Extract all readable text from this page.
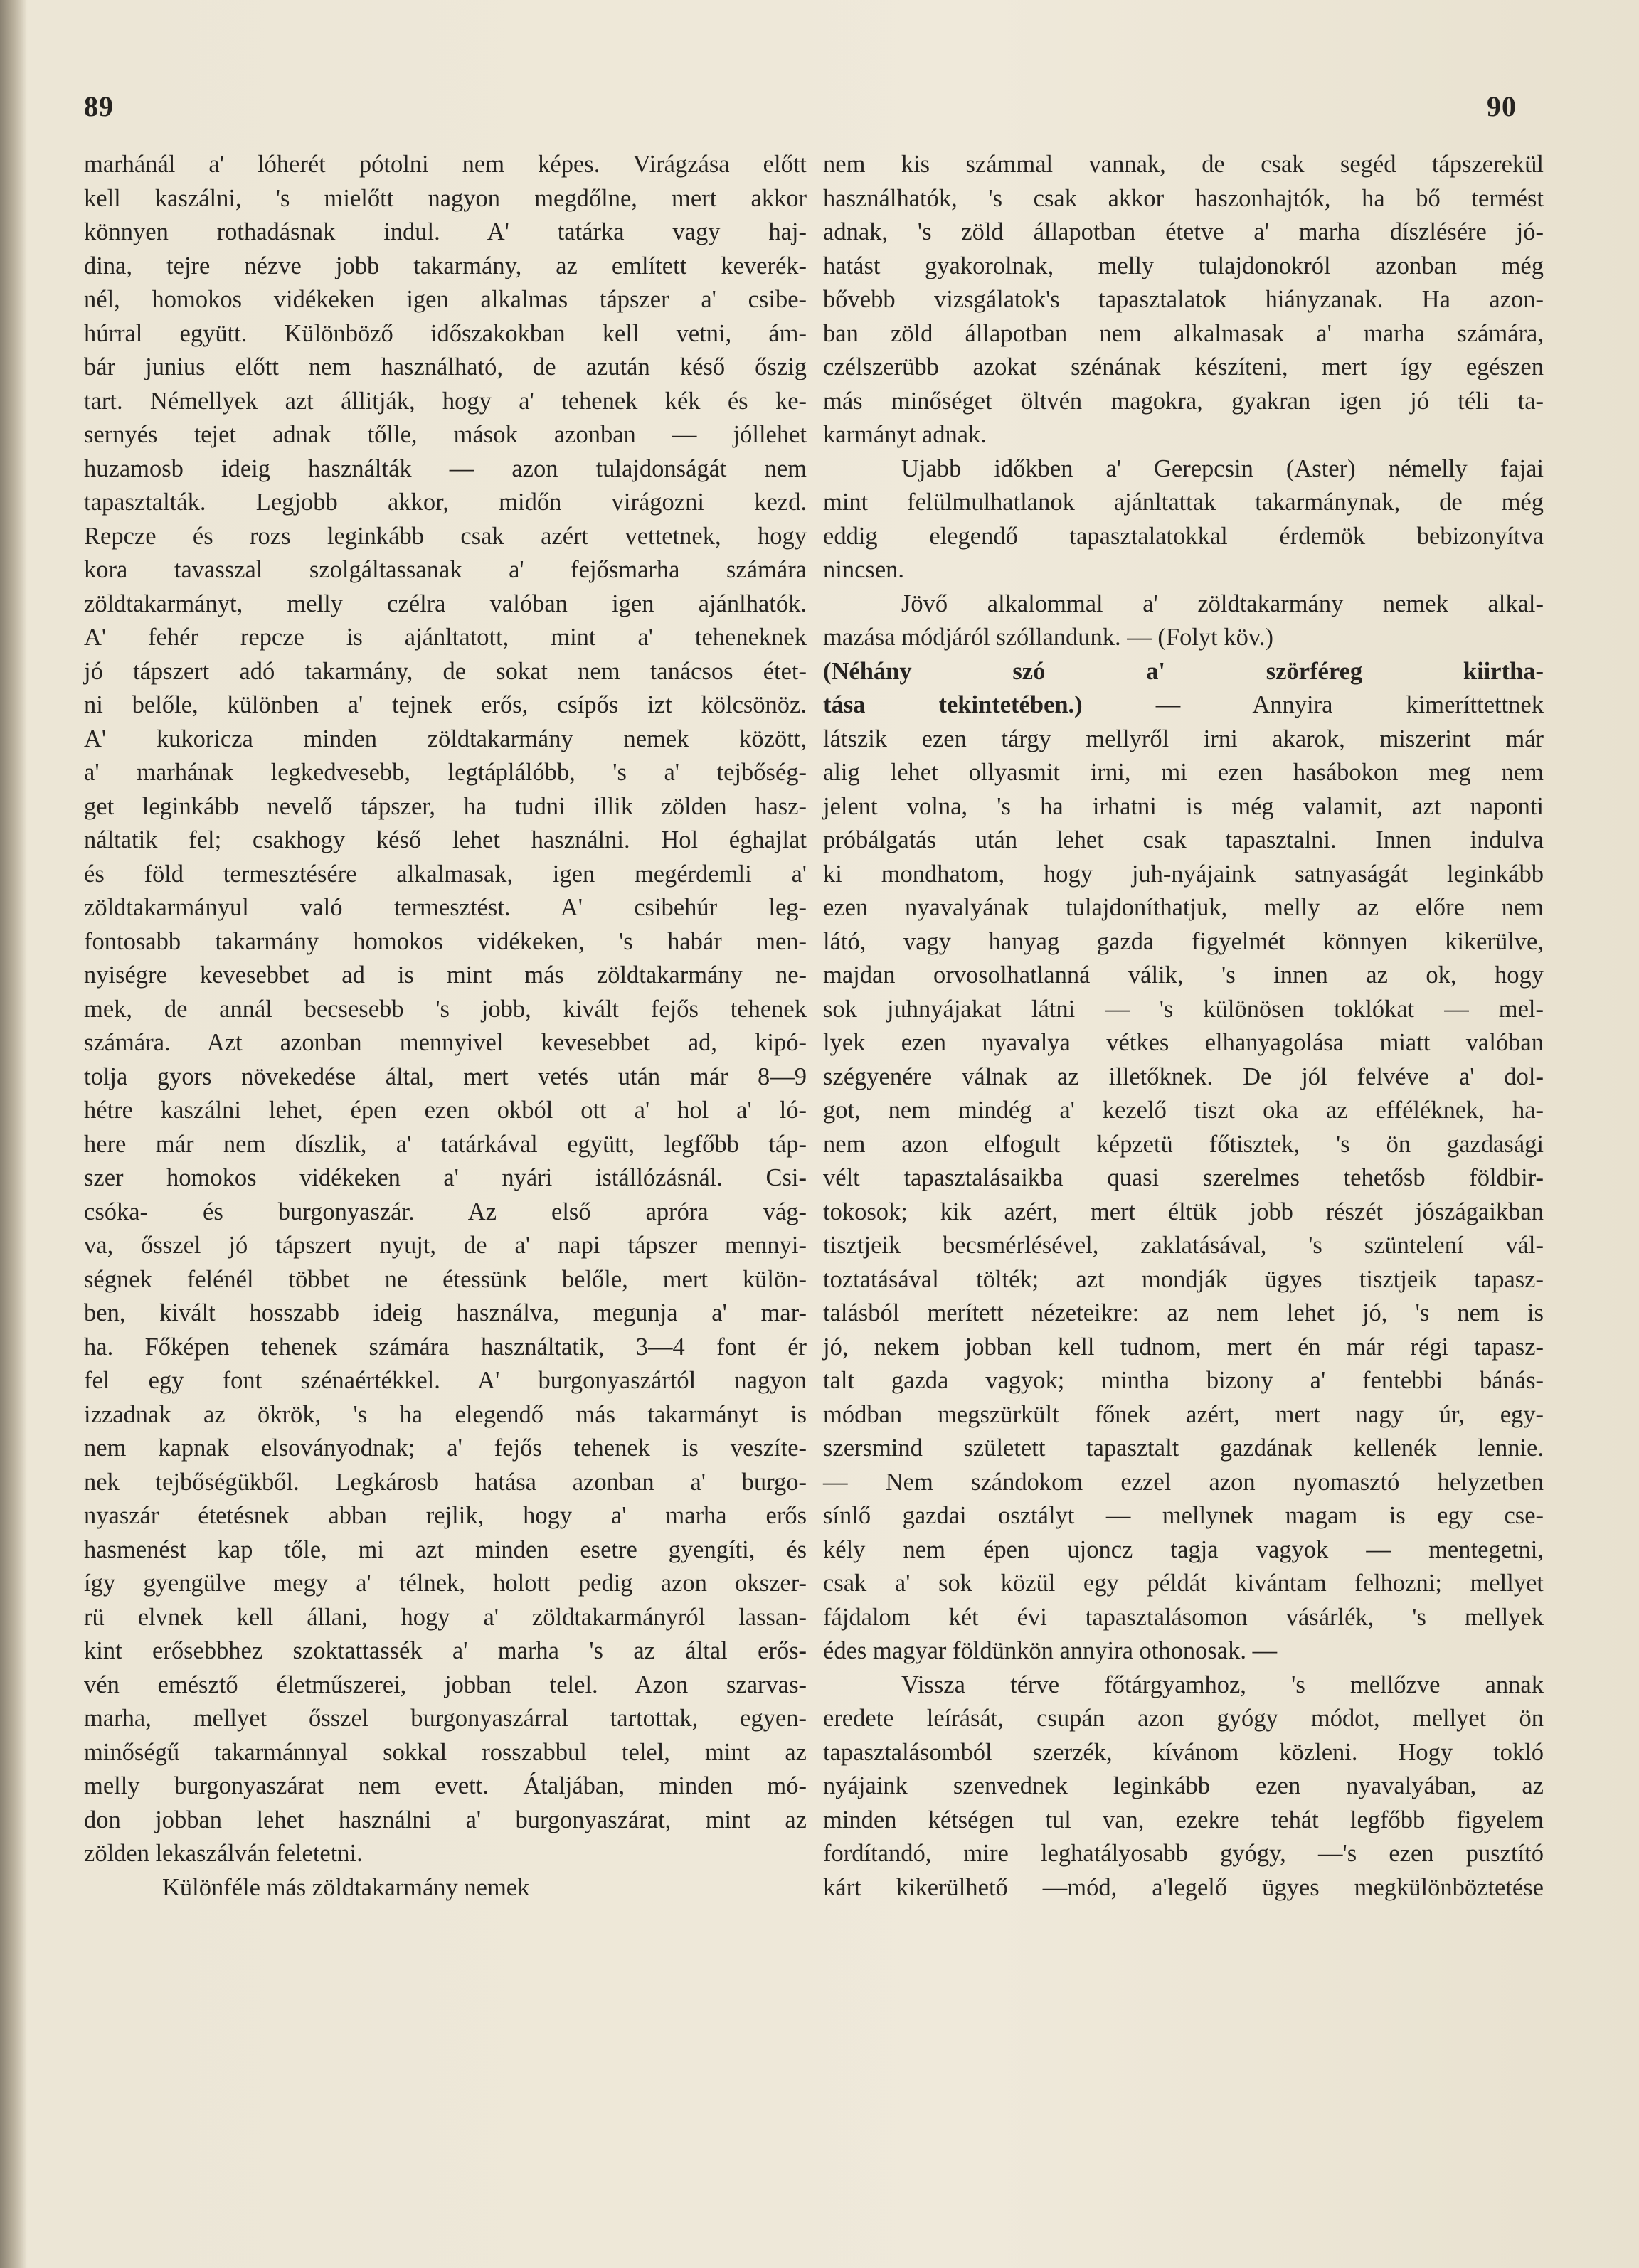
89	90
marhánál a' lóherét pótolni nem képes. Virágzása előtt
kell kaszálni, 's mielőtt nagyon megdőlne, mert akkor
könnyen rothadásnak indul. A' tatárka vagy haj-
dina, tejre nézve jobb takarmány, az említett keverék-
nél, homokos vidékeken igen alkalmas tápszer a' csibe-
húrral együtt. Különböző időszakokban kell vetni, ám-
bár junius előtt nem használható, de azután késő őszig
tart. Némellyek azt állitják, hogy a' tehenek kék és ke-
sernyés tejet adnak tőlle, mások azonban — jóllehet
huzamosb ideig használták — azon tulajdonságát nem
tapasztalták. Legjobb akkor, midőn virágozni kezd.
Repcze és rozs leginkább csak azért vettetnek, hogy
kora tavasszal szolgáltassanak a' fejősmarha számára
zöldtakarmányt, melly czélra valóban igen ajánlhatók.
A' fehér repcze is ajánltatott, mint a' teheneknek
jó tápszert adó takarmány, de sokat nem tanácsos étet-
ni belőle, különben a' tejnek erős, csípős izt kölcsönöz.
A' kukoricza minden zöldtakarmány nemek között,
a' marhának legkedvesebb, legtáplálóbb, 's a' tejbőség-
get leginkább nevelő tápszer, ha tudni illik zölden hasz-
náltatik fel; csakhogy késő lehet használni. Hol éghajlat
és föld termesztésére alkalmasak, igen megérdemli a'
zöldtakarmányul való termesztést. A' csibehúr leg-
fontosabb takarmány homokos vidékeken, 's habár men-
nyiségre kevesebbet ad is mint más zöldtakarmány ne-
mek, de annál becsesebb 's jobb, kivált fejős tehenek
számára. Azt azonban mennyivel kevesebbet ad, kipó-
tolja gyors növekedése által, mert vetés után már 8—9
hétre kaszálni lehet, épen ezen okból ott a' hol a' ló-
here már nem díszlik, a' tatárkával együtt, legfőbb táp-
szer homokos vidékeken a' nyári istállózásnál. Csi-
csóka- és burgonyaszár. Az első apróra vág-
va, ősszel jó tápszert nyujt, de a' napi tápszer mennyi-
ségnek felénél többet ne étessünk belőle, mert külön-
ben, kivált hosszabb ideig használva, megunja a' mar-
ha. Főképen tehenek számára használtatik, 3—4 font ér
fel egy font szénaértékkel. A' burgonyaszártól nagyon
izzadnak az ökrök, 's ha elegendő más takarmányt is
nem kapnak elsoványodnak; a' fejős tehenek is veszíte-
nek tejbőségükből. Legkárosb hatása azonban a' burgo-
nyaszár étetésnek abban rejlik, hogy a' marha erős
hasmenést kap tőle, mi azt minden esetre gyengíti, és
így gyengülve megy a' télnek, holott pedig azon okszer-
rü elvnek kell állani, hogy a' zöldtakarmányról lassan-
kint erősebbhez szoktattassék a' marha 's az által erős-
vén emésztő életműszerei, jobban telel. Azon szarvas-
marha, mellyet ősszel burgonyaszárral tartottak, egyen-
minőségű takarmánnyal sokkal rosszabbul telel, mint az
melly burgonyaszárat nem evett. Átaljában, minden mó-
don jobban lehet használni a' burgonyaszárat, mint az
zölden lekaszálván feletetni.
Különféle más zöldtakarmány nemek
nem kis számmal vannak, de csak segéd tápszerekül
használhatók, 's csak akkor haszonhajtók, ha bő termést
adnak, 's zöld állapotban étetve a' marha díszlésére jó-
hatást gyakorolnak, melly tulajdonokról azonban még
bővebb vizsgálatok's tapasztalatok hiányzanak. Ha azon-
ban zöld állapotban nem alkalmasak a' marha számára,
czélszerübb azokat szénának készíteni, mert így egészen
más minőséget öltvén magokra, gyakran igen jó téli ta-
karmányt adnak.
Ujabb időkben a' Gerepcsin (Aster) némelly fajai
mint felülmulhatlanok ajánltattak takarmánynak, de még
eddig elegendő tapasztalatokkal érdemök bebizonyítva
nincsen.
Jövő alkalommal a' zöldtakarmány nemek alkal-
mazása módjáról szóllandunk. — (Folyt köv.)
(Néhány szó a' szörféreg kiirtha-
tása tekintetében.) — Annyira kimeríttettnek
látszik ezen tárgy mellyről irni akarok, miszerint már
alig lehet ollyasmit irni, mi ezen hasábokon meg nem
jelent volna, 's ha irhatni is még valamit, azt naponti
próbálgatás után lehet csak tapasztalni. Innen indulva
ki mondhatom, hogy juh-nyájaink satnyaságát leginkább
ezen nyavalyának tulajdoníthatjuk, melly az előre nem
látó, vagy hanyag gazda figyelmét könnyen kikerülve,
majdan orvosolhatlanná válik, 's innen az ok, hogy
sok juhnyájakat látni — 's különösen toklókat — mel-
lyek ezen nyavalya vétkes elhanyagolása miatt valóban
szégyenére válnak az illetőknek. De jól felvéve a' dol-
got, nem mindég a' kezelő tiszt oka az efféléknek, ha-
nem azon elfogult képzetü főtisztek, 's ön gazdasági
vélt tapasztalásaikba quasi szerelmes tehetősb földbir-
tokosok; kik azért, mert éltük jobb részét jószágaikban
tisztjeik becsmérlésével, zaklatásával, 's szüntelení vál-
toztatásával tölték; azt mondják ügyes tisztjeik tapasz-
talásból merített nézeteikre: az nem lehet jó, 's nem is
jó, nekem jobban kell tudnom, mert én már régi tapasz-
talt gazda vagyok; mintha bizony a' fentebbi bánás-
módban megszürkült főnek azért, mert nagy úr, egy-
szersmind született tapasztalt gazdának kellenék lennie.
— Nem szándokom ezzel azon nyomasztó helyzetben
sínlő gazdai osztályt — mellynek magam is egy cse-
kély nem épen ujoncz tagja vagyok — mentegetni,
csak a' sok közül egy példát kivántam felhozni; mellyet
fájdalom két évi tapasztalásomon vásárlék, 's mellyek
édes magyar földünkön annyira othonosak. —
Vissza térve főtárgyamhoz, 's mellőzve annak
eredete leírását, csupán azon gyógy módot, mellyet ön
tapasztalásomból szerzék, kívánom közleni. Hogy tokló
nyájaink szenvednek leginkább ezen nyavalyában, az
minden kétségen tul van, ezekre tehát legfőbb figyelem
fordítandó, mire leghatályosabb gyógy, —'s ezen pusztító
kárt kikerülhető —mód, a'legelő ügyes megkülönböztetése
